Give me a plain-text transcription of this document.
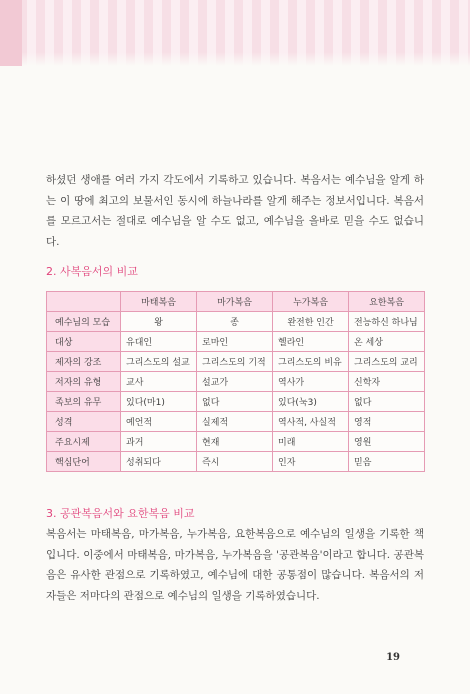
하셨던 생애를 여러 가지 각도에서 기록하고 있습니다. 복음서는 예수님을 알게 하는 이 땅에 최고의 보물서인 동시에 하늘나라를 알게 해주는 정보서입니다. 복음서를 모르고서는 절대로 예수님을 알 수도 없고, 예수님을 올바로 믿을 수도 없습니다.

2. 사복음서의 비교
	마태복음	마가복음	누가복음	요한복음
예수님의 모습	왕	종	완전한 인간	전능하신 하나님
대상	유대인	로마인	헬라인	온 세상
제자의 강조	그리스도의 설교	그리스도의 기적	그리스도의 비유	그리스도의 교리
저자의 유형	교사	설교가	역사가	신학자
족보의 유무	있다(마1)	없다	있다(눅3)	없다
성격	예언적	실제적	역사적, 사실적	영적
주요시제	과거	현재	미래	영원
핵심단어	성취되다	즉시	인자	믿음
3. 공관복음서와 요한복음 비교

복음서는 마태복음, 마가복음, 누가복음, 요한복음으로 예수님의 일생을 기록한 책입니다. 이중에서 마태복음, 마가복음, 누가복음을 '공관복음'이라고 합니다. 공관복음은 유사한 관점으로 기록하였고, 예수님에 대한 공통점이 많습니다. 복음서의 저자들은 저마다의 관점으로 예수님의 일생을 기록하였습니다.

19
